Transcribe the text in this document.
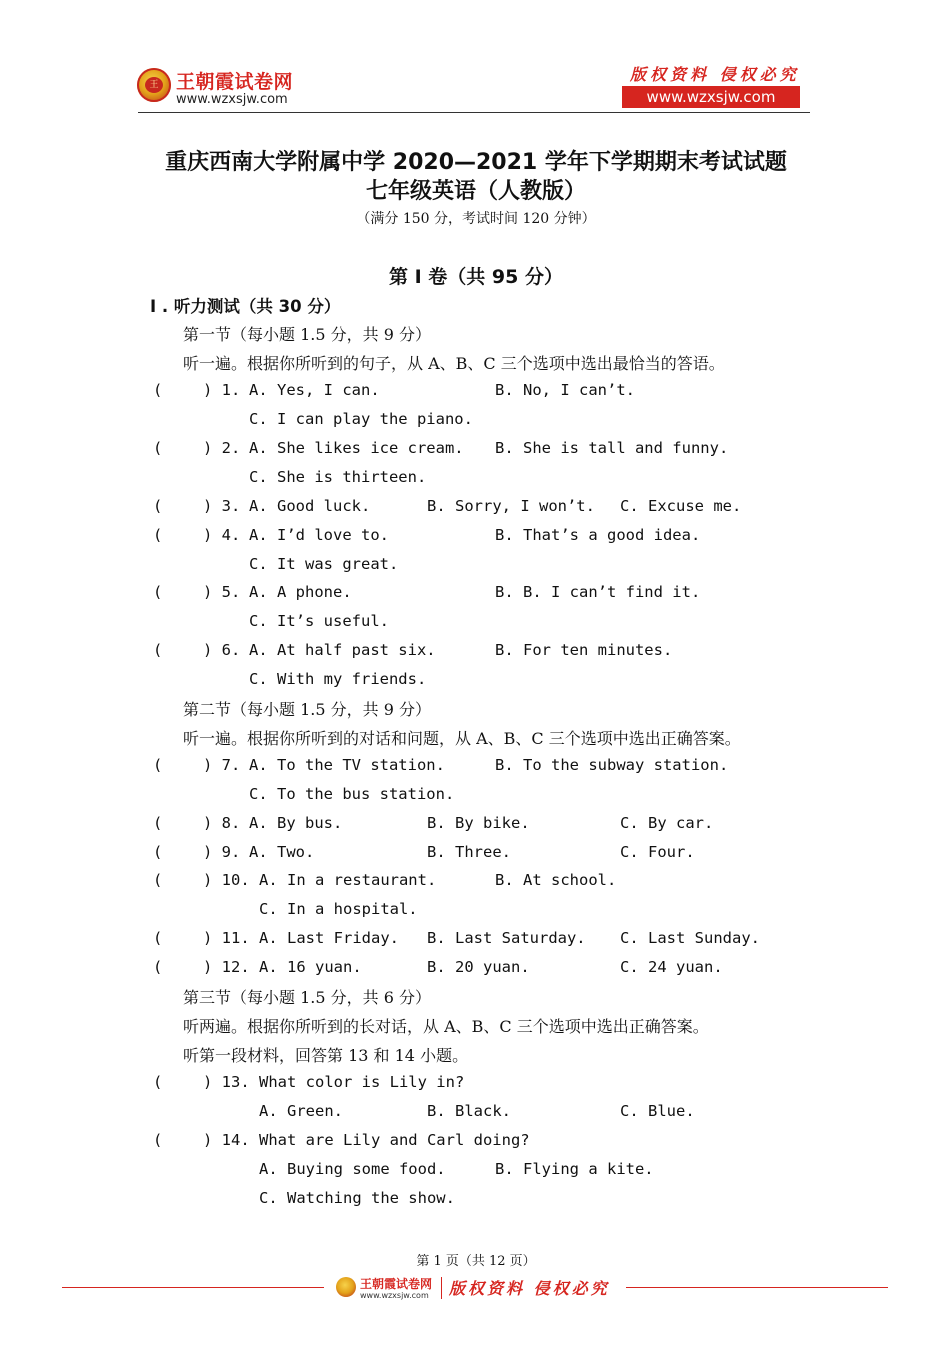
王 王朝霞试卷网
www.wzxsjw.com
版权资料 侵权必究
www.wzxsjw.com
重庆西南大学附属中学 2020—2021 学年下学期期末考试试题
七年级英语（人教版）
（满分 150 分，考试时间 120 分钟）
第 I 卷（共 95 分）
I . 听力测试（共 30 分）
第一节（每小题 1.5 分，共 9 分）
听一遍。根据你所听到的句子，从 A、B、C 三个选项中选出最恰当的答语。
(	) 1. A. Yes, I can.	B. No, I can’t.
C. I can play the piano.
(	) 2. A. She likes ice cream. B. She is tall and funny.
C. She is thirteen.
(	) 3. A. Good luck.	B. Sorry, I won’t. C. Excuse me.
(	) 4. A. I’d love to.	B. That’s a good idea.
C. It was great.
(	) 5. A. A phone.	B. B. I can’t find it.
C. It’s useful.
(	) 6. A. At half past six.	B. For ten minutes.
C. With my friends.
第二节（每小题 1.5 分，共 9 分）
听一遍。根据你所听到的对话和问题，从 A、B、C 三个选项中选出正确答案。
(	) 7. A. To the TV station.	B. To the subway station.
C. To the bus station.
(	) 8. A. By bus.	B. By bike.	C. By car.
(	) 9. A. Two.	B. Three.	C. Four.
(	) 10. A. In a restaurant.	B. At school.
C. In a hospital.
(	) 11. A. Last Friday. B. Last Saturday. C. Last Sunday.
(	) 12. A. 16 yuan.	B. 20 yuan.	C. 24 yuan.
第三节（每小题 1.5 分，共 6 分）
听两遍。根据你所听到的长对话，从 A、B、C 三个选项中选出正确答案。
听第一段材料，回答第 13 和 14 小题。
(	) 13. What color is Lily in?
A. Green.	B. Black.	C. Blue.
(	) 14. What are Lily and Carl doing?
A. Buying some food.	B. Flying a kite.
C. Watching the show.
第 1 页（共 12 页）
王朝霞试卷网
www.wzxsjw.com 版权资料 侵权必究
